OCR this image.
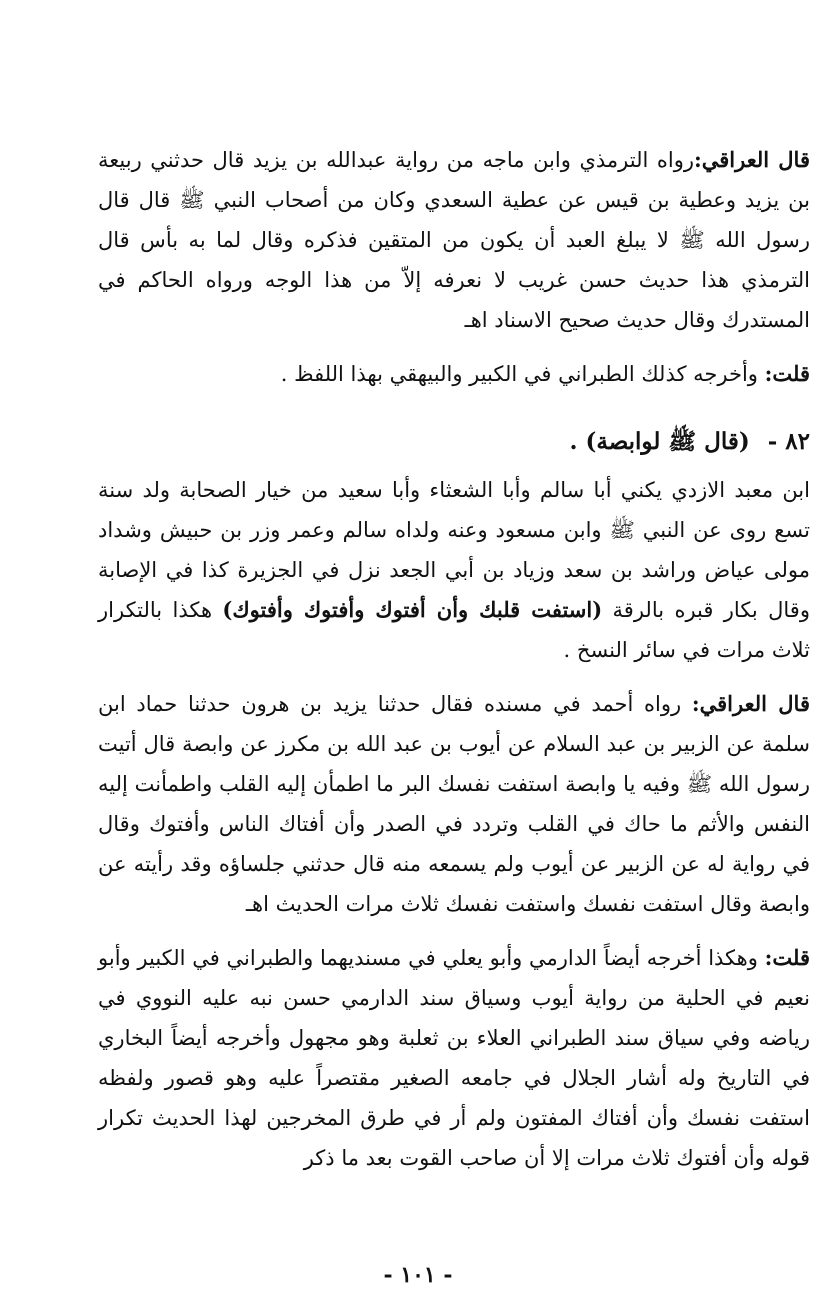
قال العراقي:رواه الترمذي وابن ماجه من رواية عبدالله بن يزيد قال حدثني ربيعة بن يزيد وعطية بن قيس عن عطية السعدي وكان من أصحاب النبي ﷺ قال قال رسول الله ﷺ لا يبلغ العبد أن يكون من المتقين فذكره وقال لما به بأس قال الترمذي هذا حديث حسن غريب لا نعرفه إلاّ من هذا الوجه ورواه الحاكم في المستدرك وقال حديث صحيح الاسناد اهـ

قلت: وأخرجه كذلك الطبراني في الكبير والبيهقي بهذا اللفظ .

٨٢ -(قال ﷺ لوابصة) .

ابن معبد الازدي يكني أبا سالم وأبا الشعثاء وأبا سعيد من خيار الصحابة ولد سنة تسع روى عن النبي ﷺ وابن مسعود وعنه ولداه سالم وعمر وزر بن حبيش وشداد مولى عياض وراشد بن سعد وزياد بن أبي الجعد نزل في الجزيرة كذا في الإصابة وقال بكار قبره بالرقة (استفت قلبك وأن أفتوك وأفتوك وأفتوك) هكذا بالتكرار ثلاث مرات في سائر النسخ .

قال العراقي: رواه أحمد في مسنده فقال حدثنا يزيد بن هرون حدثنا حماد ابن سلمة عن الزبير بن عبد السلام عن أيوب بن عبد الله بن مكرز عن وابصة قال أتيت رسول الله ﷺ وفيه يا وابصة استفت نفسك البر ما اطمأن إليه القلب واطمأنت إليه النفس والأثم ما حاك في القلب وتردد في الصدر وأن أفتاك الناس وأفتوك وقال في رواية له عن الزبير عن أيوب ولم يسمعه منه قال حدثني جلساؤه وقد رأيته عن وابصة وقال استفت نفسك واستفت نفسك ثلاث مرات الحديث اهـ

قلت: وهكذا أخرجه أيضاً الدارمي وأبو يعلي في مسنديهما والطبراني في الكبير وأبو نعيم في الحلية من رواية أيوب وسياق سند الدارمي حسن نبه عليه النووي في رياضه وفي سياق سند الطبراني العلاء بن ثعلبة وهو مجهول وأخرجه أيضاً البخاري في التاريخ وله أشار الجلال في جامعه الصغير مقتصراً عليه وهو قصور ولفظه استفت نفسك وأن أفتاك المفتون ولم أر في طرق المخرجين لهذا الحديث تكرار قوله وأن أفتوك ثلاث مرات إلا أن صاحب القوت بعد ما ذكر

- ١٠١ -
